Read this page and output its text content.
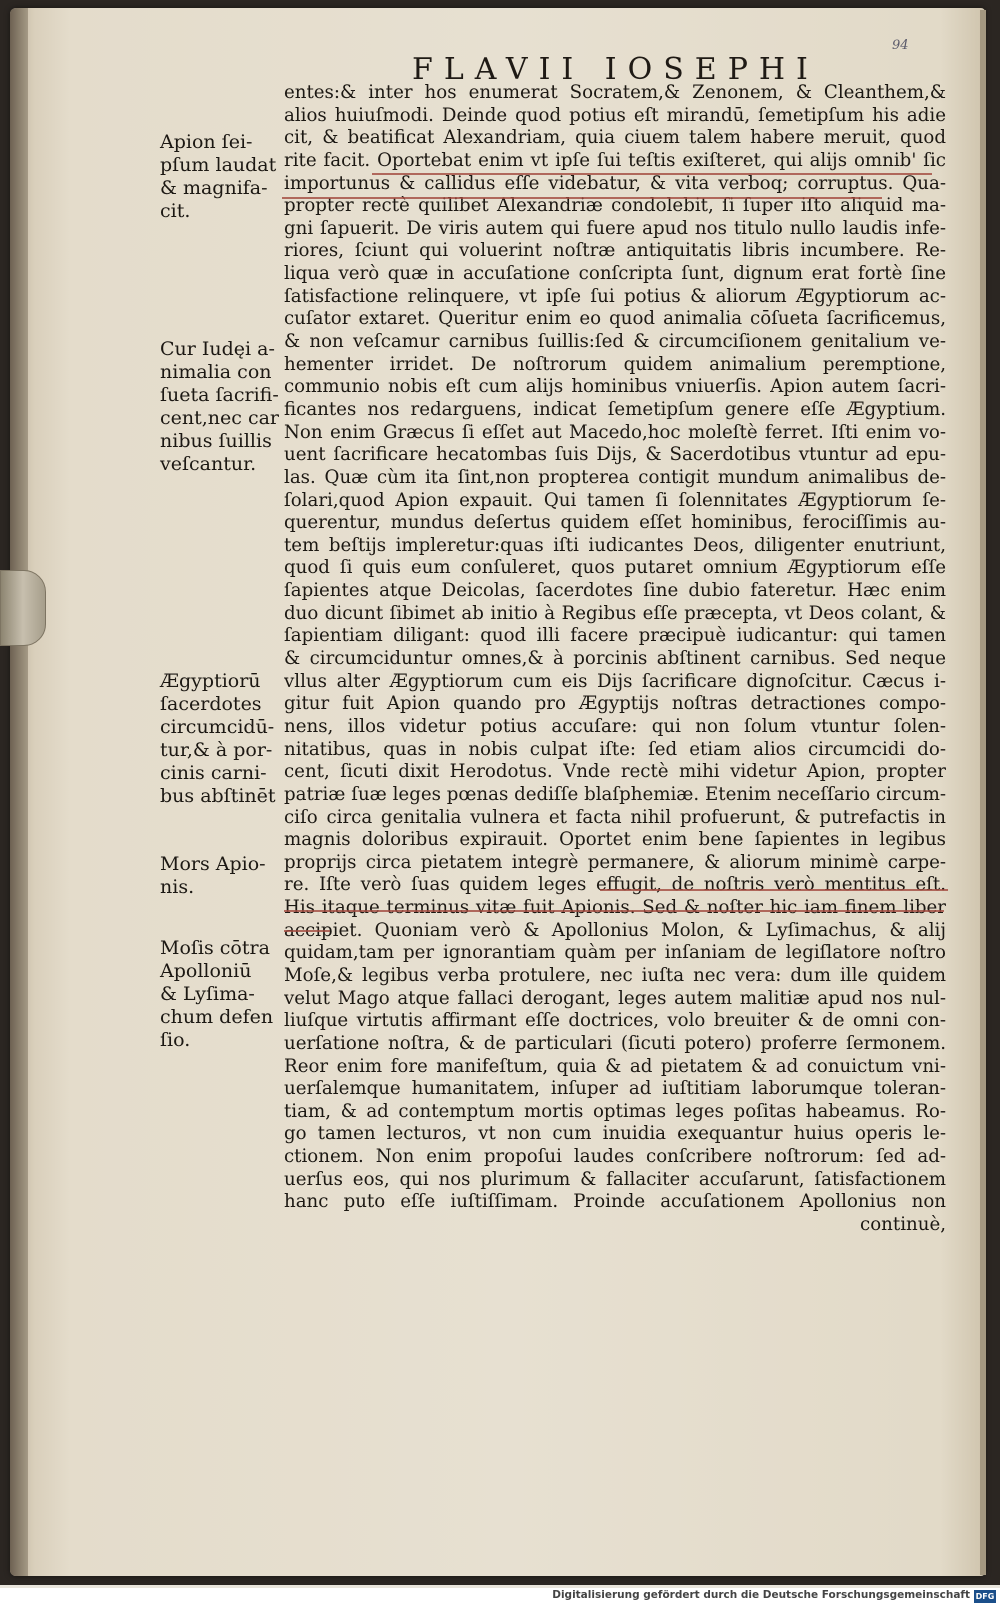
FLAVII IOSEPHI
94
entes:& inter hos enumerat Socratem,& Zenonem, & Cleanthem,&
alios huiuſmodi. Deinde quod potius eſt mirandū, ſemetipſum his adie
cit, & beatificat Alexandriam, quia ciuem talem habere meruit, quod
rite facit. Oportebat enim vt ipſe ſui teſtis exiſteret, qui alijs omnib' ſic
importunus & callidus eſſe videbatur, & vita verboq; corruptus. Qua-
propter rectè quilibet Alexandriæ condolebit, ſi ſuper iſto aliquid ma-
gni ſapuerit. De viris autem qui fuere apud nos titulo nullo laudis infe-
riores, ſciunt qui voluerint noſtræ antiquitatis libris incumbere. Re-
liqua verò quæ in accuſatione conſcripta ſunt, dignum erat fortè ſine
ſatisfactione relinquere, vt ipſe ſui potius & aliorum Ægyptiorum ac-
cuſator extaret. Queritur enim eo quod animalia cōſueta ſacrificemus,
& non veſcamur carnibus ſuillis:ſed & circumciſionem genitalium ve-
hementer irridet. De noſtrorum quidem animalium peremptione,
communio nobis eſt cum alijs hominibus vniuerſis. Apion autem ſacri-
ficantes nos redarguens, indicat ſemetipſum genere eſſe Ægyptium.
Non enim Græcus ſi eſſet aut Macedo,hoc moleſtè ferret. Iſti enim vo-
uent ſacrificare hecatombas ſuis Dijs, & Sacerdotibus vtuntur ad epu-
las. Quæ cùm ita ſint,non propterea contigit mundum animalibus de-
ſolari,quod Apion expauit. Qui tamen ſi ſolennitates Ægyptiorum ſe-
querentur, mundus deſertus quidem eſſet hominibus, ferociſſimis au-
tem beſtijs impleretur:quas iſti iudicantes Deos, diligenter enutriunt,
quod ſi quis eum conſuleret, quos putaret omnium Ægyptiorum eſſe
ſapientes atque Deicolas, ſacerdotes ſine dubio fateretur. Hæc enim
duo dicunt ſibimet ab initio à Regibus eſſe præcepta, vt Deos colant, &
ſapientiam diligant: quod illi facere præcipuè iudicantur: qui tamen
& circumciduntur omnes,& à porcinis abſtinent carnibus. Sed neque
vllus alter Ægyptiorum cum eis Dijs ſacrificare dignoſcitur. Cæcus i-
gitur fuit Apion quando pro Ægyptijs noſtras detractiones compo-
nens, illos videtur potius accuſare: qui non ſolum vtuntur ſolen-
nitatibus, quas in nobis culpat iſte: ſed etiam alios circumcidi do-
cent, ſicuti dixit Herodotus. Vnde rectè mihi videtur Apion, propter
patriæ ſuæ leges pœnas dediſſe blaſphemiæ. Etenim neceſſario circum-
ciſo circa genitalia vulnera et facta nihil profuerunt, & putrefactis in
magnis doloribus expirauit. Oportet enim bene ſapientes in legibus
proprijs circa pietatem integrè permanere, & aliorum minimè carpe-
re. Iſte verò ſuas quidem leges effugit, de noſtris verò mentitus eſt.
His itaque terminus vitæ fuit Apionis. Sed & noſter hic iam finem liber
accipiet. Quoniam verò & Apollonius Molon, & Lyſimachus, & alij
quidam,tam per ignorantiam quàm per inſaniam de legiſlatore noſtro
Moſe,& legibus verba protulere, nec iuſta nec vera: dum ille quidem
velut Mago atque fallaci derogant, leges autem malitiæ apud nos nul-
liuſque virtutis affirmant eſſe doctrices, volo breuiter & de omni con-
uerſatione noſtra, & de particulari (ſicuti potero) proferre ſermonem.
Reor enim fore manifeſtum, quia & ad pietatem & ad conuictum vni-
uerſalemque humanitatem, inſuper ad iuſtitiam laborumque toleran-
tiam, & ad contemptum mortis optimas leges poſitas habeamus. Ro-
go tamen lecturos, vt non cum inuidia exequantur huius operis le-
ctionem. Non enim propoſui laudes conſcribere noſtrorum: ſed ad-
uerſus eos, qui nos plurimum & fallaciter accuſarunt, ſatisfactionem
hanc puto eſſe iuſtiſſimam. Proinde accuſationem Apollonius non
continuè,
Apion ſei-
pſum laudat
& magnifa-
cit.
Cur Iudęi a-
nimalia con
ſueta ſacrifi-
cent,nec car
nibus ſuillis
veſcantur.
Ægyptiorū
ſacerdotes
circumcidū-
tur,& à por-
cinis carni-
bus abſtinēt
Mors Apio-
nis.
Moſis cōtra
Apolloniū
& Lyſima-
chum defen
ſio.
Digitalisierung gefördert durch die Deutsche Forschungsgemeinschaft DFG
